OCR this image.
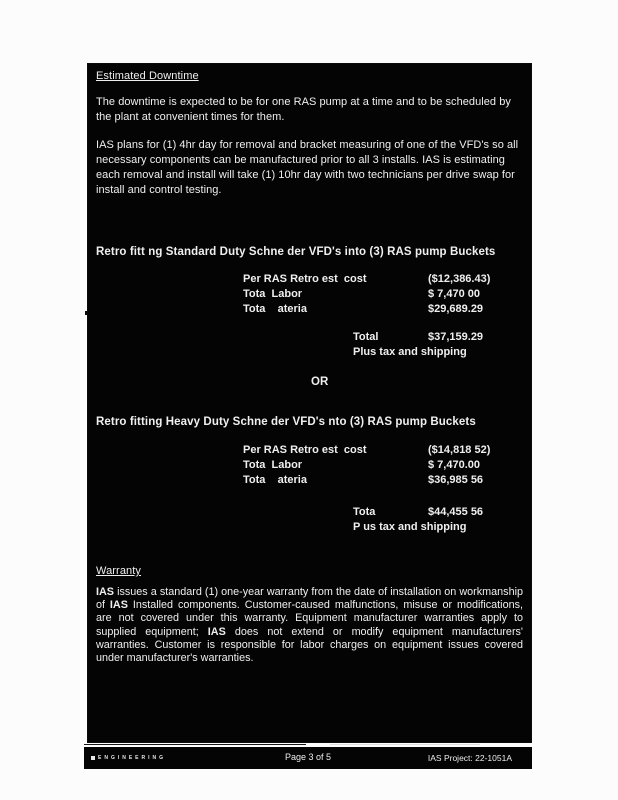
Estimated Downtime

The downtime is expected to be for one RAS pump at a time and to be scheduled by the plant at convenient times for them.

IAS plans for (1) 4hr day for removal and bracket measuring of one of the VFD's so all necessary components can be manufactured prior to all 3 installs. IAS is estimating each removal and install will take (1) 10hr day with two technicians per drive swap for install and control testing.

Retro fitt ng Standard Duty Schne der VFD's into (3) RAS pump Buckets
Per RAS Retro est  cost	($12,386.43)
Tota  Labor	$ 7,470 00
Tota    ateria	$29,689.29
Total	$37,159.29
Plus tax and shipping
OR
Retro fitting Heavy Duty Schne der VFD's nto (3) RAS pump Buckets
Per RAS Retro est  cost	($14,818 52)
Tota  Labor	$ 7,470.00
Tota    ateria	$36,985 56
Tota	$44,455 56
P us tax and shipping
Warranty

IAS issues a standard (1) one-year warranty from the date of installation on workmanship of IAS Installed components. Customer-caused malfunctions, misuse or modifications, are not covered under this warranty. Equipment manufacturer warranties apply to supplied equipment; IAS does not extend or modify equipment manufacturers' warranties. Customer is responsible for labor charges on equipment issues covered under manufacturer's warranties.

ENGINEERING	Page 3 of 5	IAS Project: 22-1051A
